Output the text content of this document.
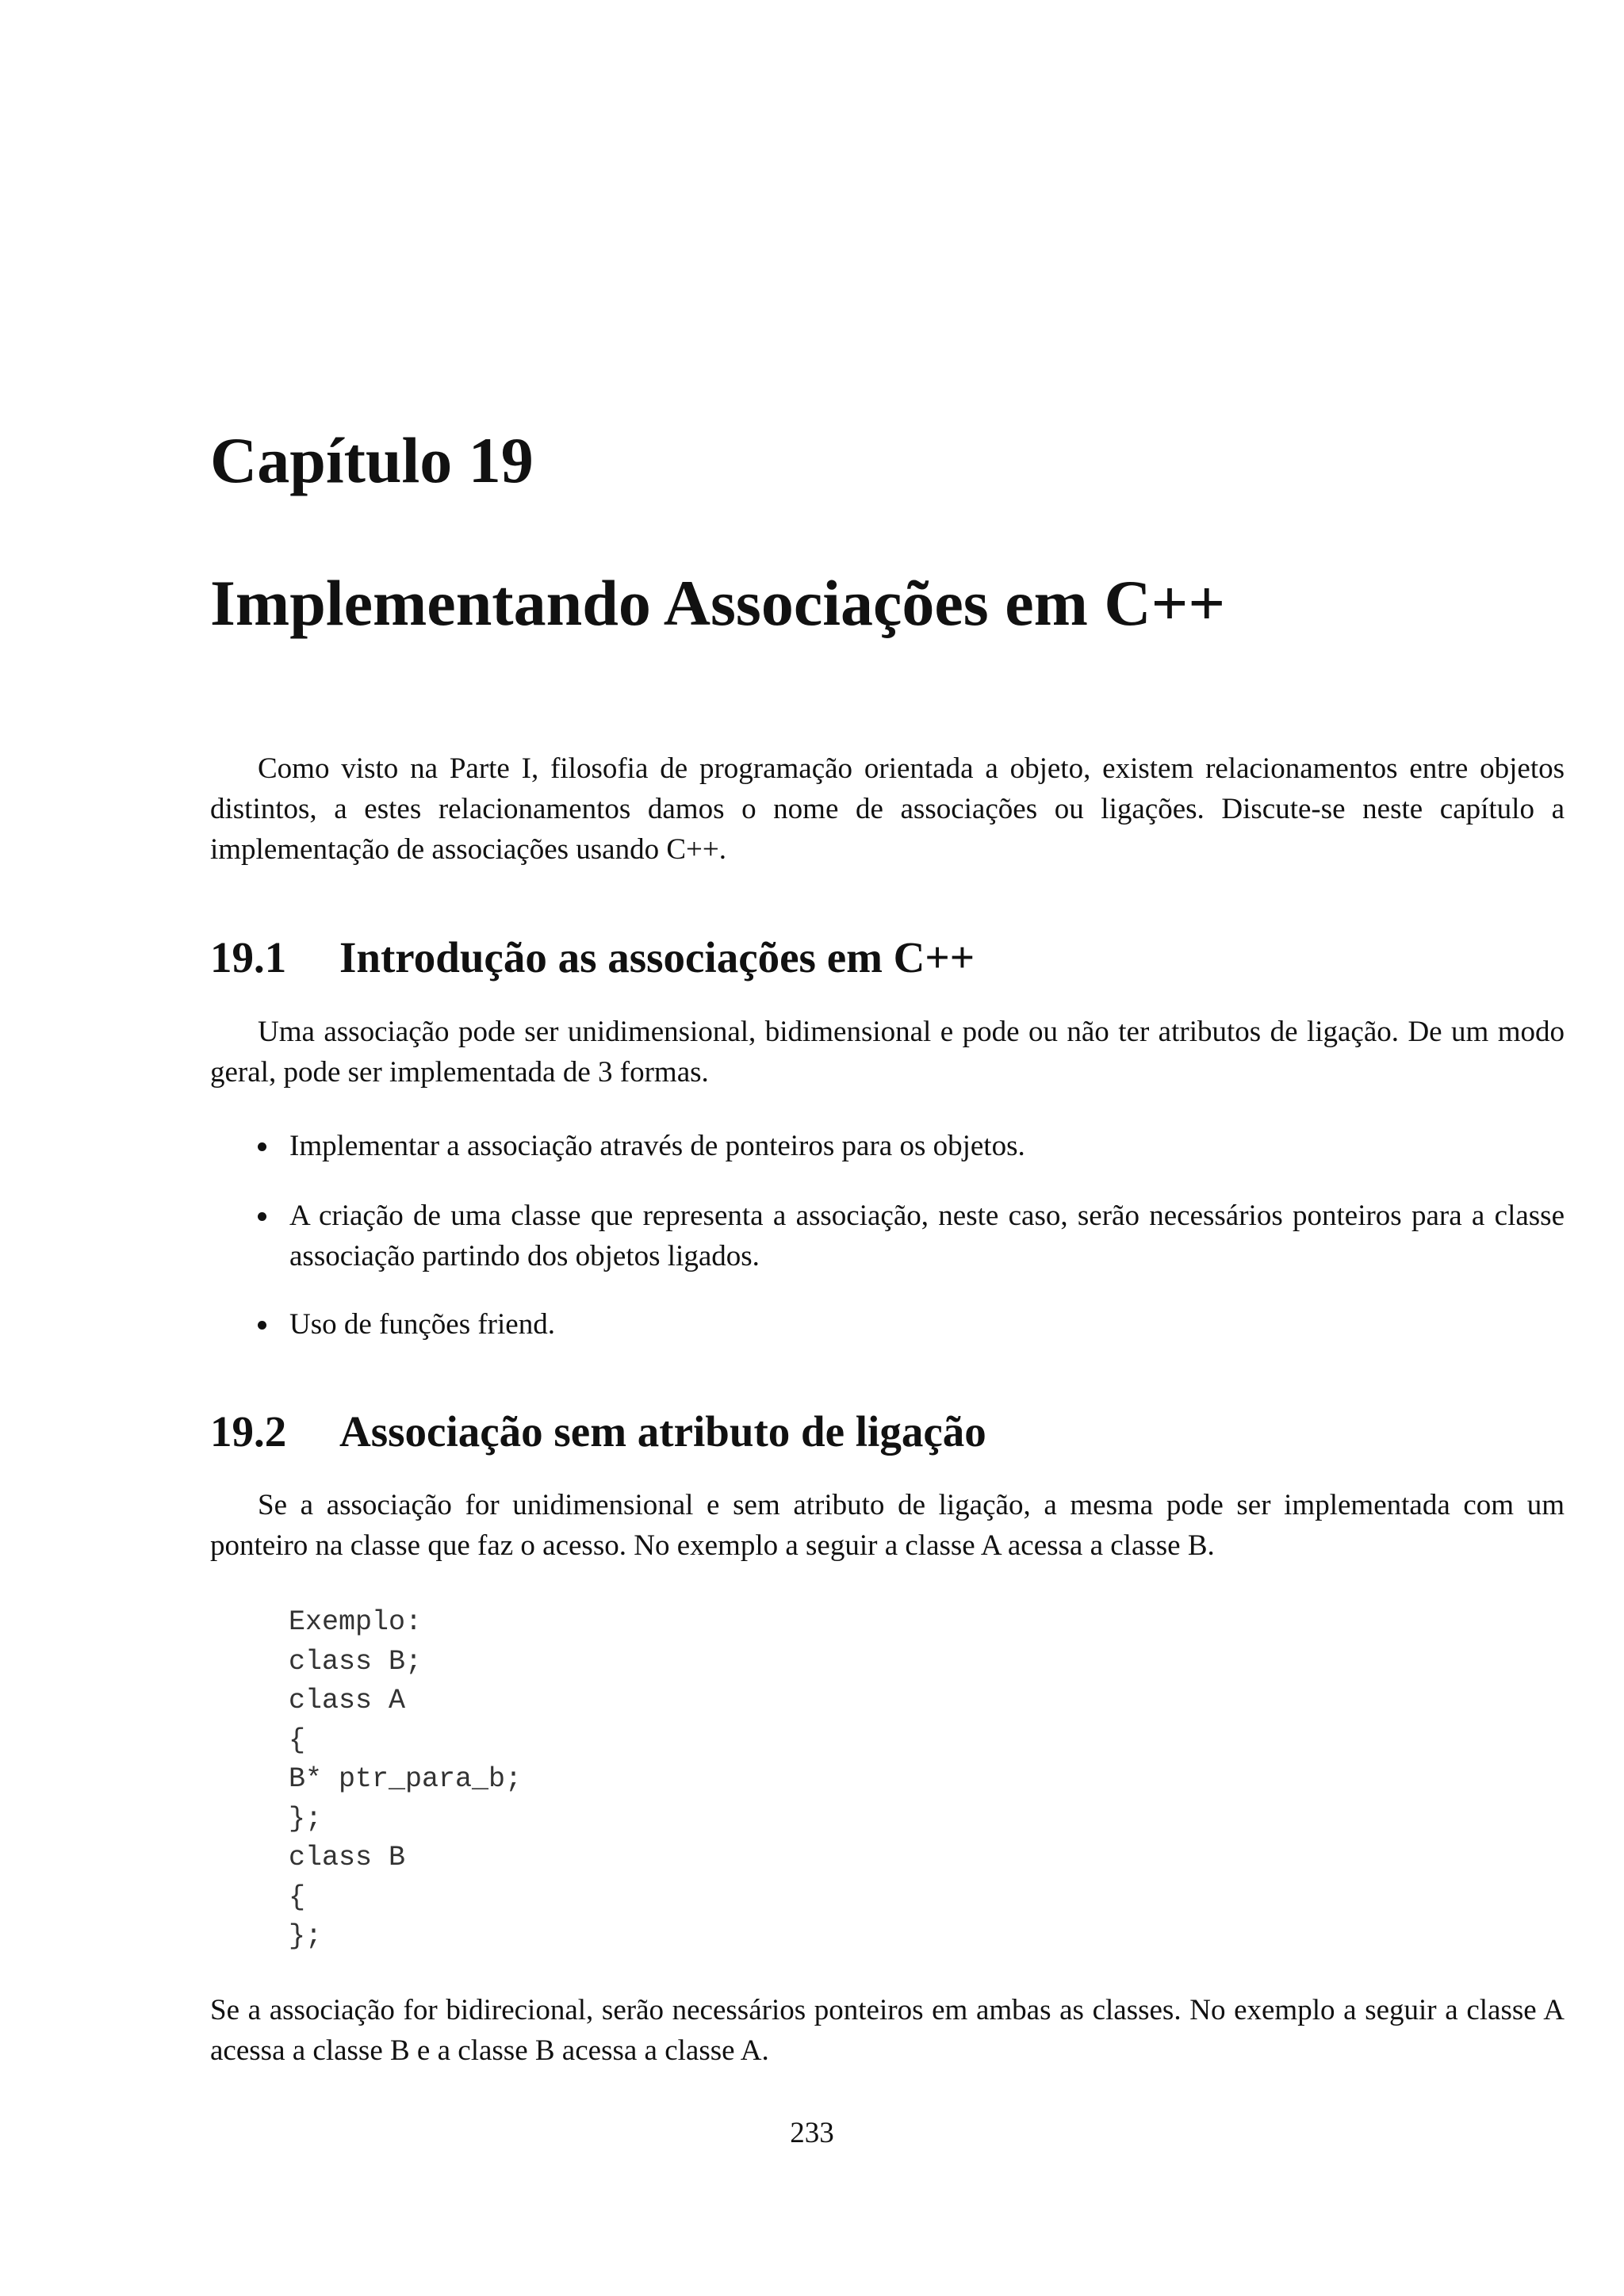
Capítulo 19
Implementando Associações em C++

Como visto na Parte I, filosofia de programação orientada a objeto, existem relacionamentos entre objetos distintos, a estes relacionamentos damos o nome de associações ou ligações. Discute-se neste capítulo a implementação de associações usando C++.

19.1 Introdução as associações em C++

Uma associação pode ser unidimensional, bidimensional e pode ou não ter atributos de ligação. De um modo geral, pode ser implementada de 3 formas.

Implementar a associação através de ponteiros para os objetos.
A criação de uma classe que representa a associação, neste caso, serão necessários ponteiros para a classe associação partindo dos objetos ligados.
Uso de funções friend.
19.2 Associação sem atributo de ligação

Se a associação for unidimensional e sem atributo de ligação, a mesma pode ser implementada com um ponteiro na classe que faz o acesso. No exemplo a seguir a classe A acessa a classe B.

Exemplo:
class B;
class A
{
B* ptr_para_b;
};
class B
{
};

Se a associação for bidirecional, serão necessários ponteiros em ambas as classes. No exemplo a seguir a classe A acessa a classe B e a classe B acessa a classe A.

233
